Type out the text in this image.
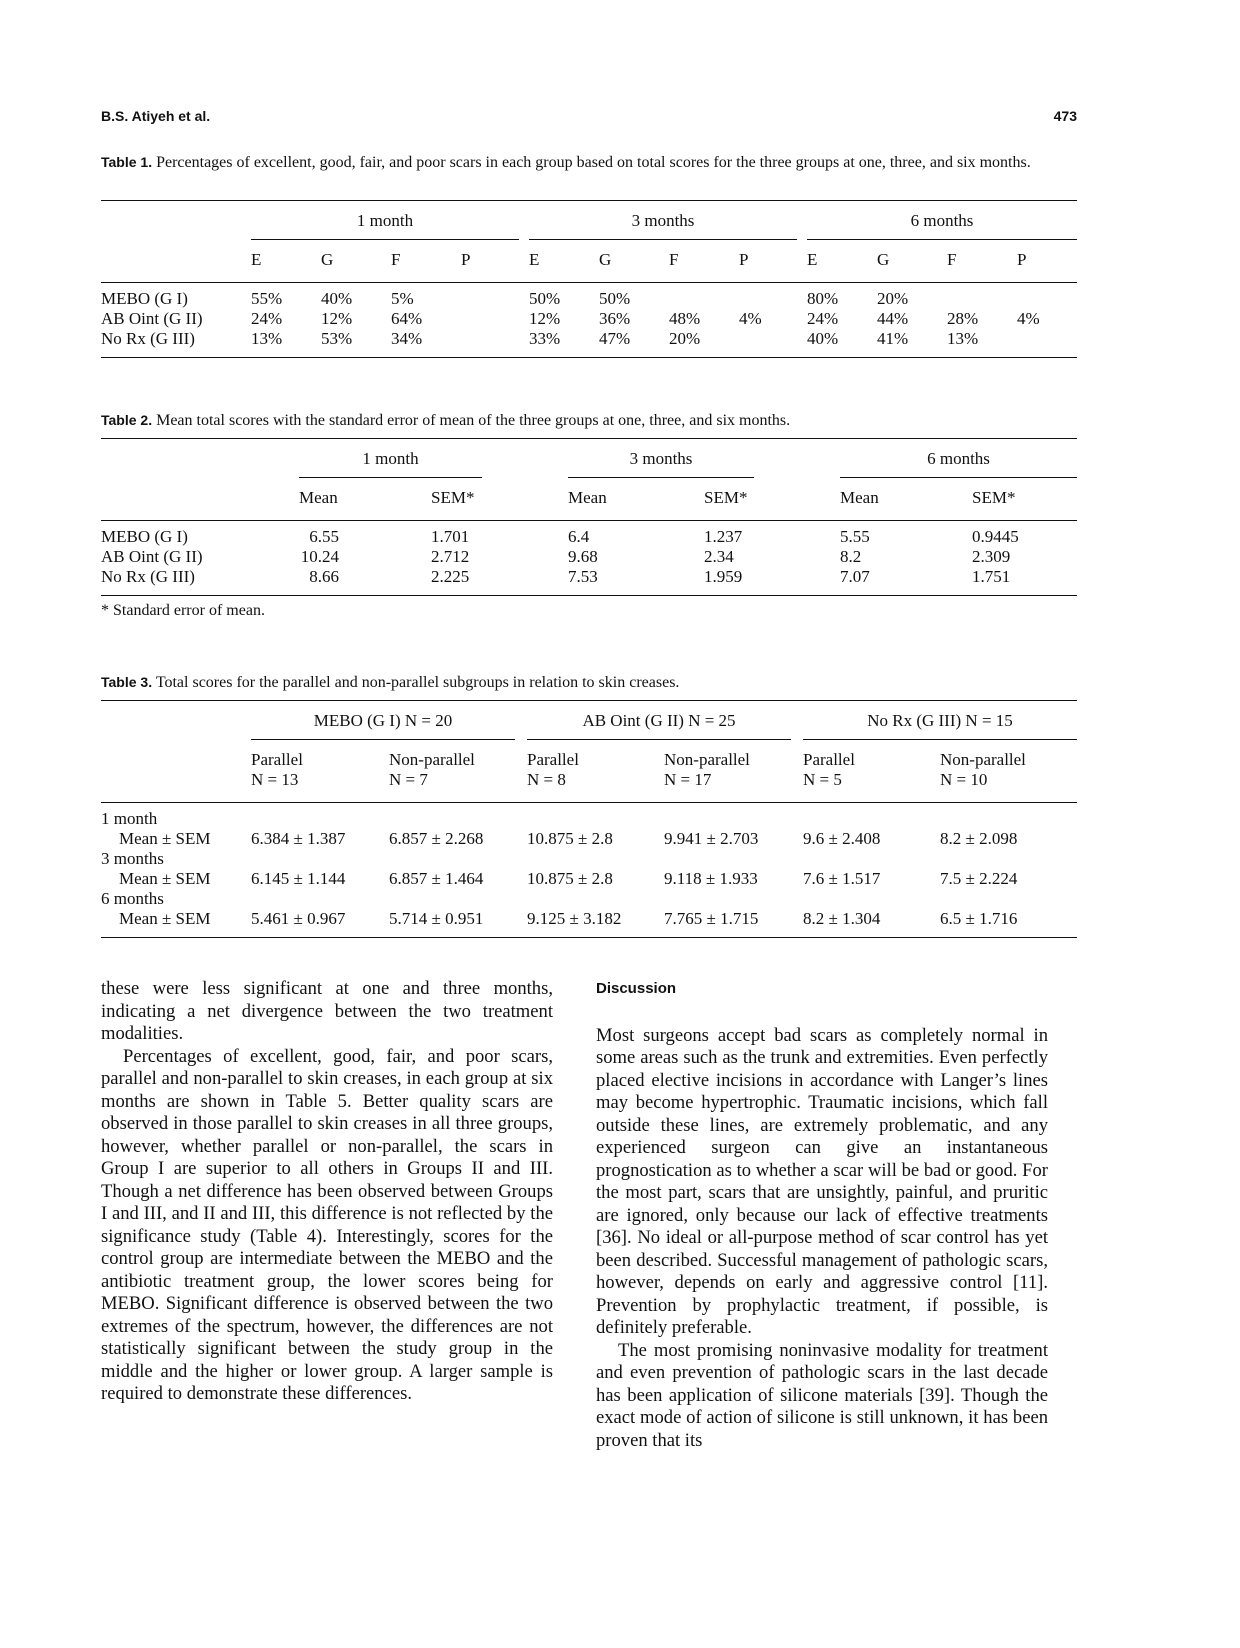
B.S. Atiyeh et al.	473
Table 1. Percentages of excellent, good, fair, and poor scars in each group based on total scores for the three groups at one, three, and six months.

	1 month				3 months				6 months			

	E	G	F	P	E	G	F	P	E	G	F	P
MEBO (G I)	55%	40%	5%		50%	50%			80%	20%		
AB Oint (G II)	24%	12%	64%		12%	36%	48%	4%	24%	44%	28%	4%
No Rx (G III)	13%	53%	34%		33%	47%	20%		40%	41%	13%	
Table 2. Mean total scores with the standard error of mean of the three groups at one, three, and six months.

	1 month		3 months		6 months	

	Mean	SEM*	Mean	SEM*	Mean	SEM*
MEBO (G I)	6.55	1.701	6.4	1.237	5.55	0.9445
AB Oint (G II)	10.24	2.712	9.68	2.34	8.2	2.309
No Rx (G III)	8.66	2.225	7.53	1.959	7.07	1.751
* Standard error of mean.
Table 3. Total scores for the parallel and non-parallel subgroups in relation to skin creases.

	MEBO (G I) N = 20		AB Oint (G II) N = 25		No Rx (G III) N = 15	

	Parallel
N = 13	Non-parallel
N = 7	Parallel
N = 8	Non-parallel
N = 17	Parallel
N = 5	Non-parallel
N = 10
1 month						
Mean ± SEM	6.384 ± 1.387	6.857 ± 2.268	10.875 ± 2.8	9.941 ± 2.703	9.6 ± 2.408	8.2 ± 2.098
3 months						
Mean ± SEM	6.145 ± 1.144	6.857 ± 1.464	10.875 ± 2.8	9.118 ± 1.933	7.6 ± 1.517	7.5 ± 2.224
6 months						
Mean ± SEM	5.461 ± 0.967	5.714 ± 0.951	9.125 ± 3.182	7.765 ± 1.715	8.2 ± 1.304	6.5 ± 1.716

these were less significant at one and three months, indicating a net divergence between the two treatment modalities.

Percentages of excellent, good, fair, and poor scars, parallel and non-parallel to skin creases, in each group at six months are shown in Table 5. Better quality scars are observed in those parallel to skin creases in all three groups, however, whether parallel or non-parallel, the scars in Group I are superior to all others in Groups II and III. Though a net difference has been observed between Groups I and III, and II and III, this difference is not reflected by the significance study (Table 4). Interestingly, scores for the control group are intermediate between the MEBO and the antibiotic treatment group, the lower scores being for MEBO. Significant difference is observed between the two extremes of the spectrum, however, the differences are not statistically significant between the study group in the middle and the higher or lower group. A larger sample is required to demonstrate these differences.

Discussion

Most surgeons accept bad scars as completely normal in some areas such as the trunk and extremities. Even perfectly placed elective incisions in accordance with Langer’s lines may become hypertrophic. Traumatic incisions, which fall outside these lines, are extremely problematic, and any experienced surgeon can give an instantaneous prognostication as to whether a scar will be bad or good. For the most part, scars that are unsightly, painful, and pruritic are ignored, only because our lack of effective treatments [36]. No ideal or all-purpose method of scar control has yet been described. Successful management of pathologic scars, however, depends on early and aggressive control [11]. Prevention by prophylactic treatment, if possible, is definitely preferable.

The most promising noninvasive modality for treatment and even prevention of pathologic scars in the last decade has been application of silicone materials [39]. Though the exact mode of action of silicone is still unknown, it has been proven that its
